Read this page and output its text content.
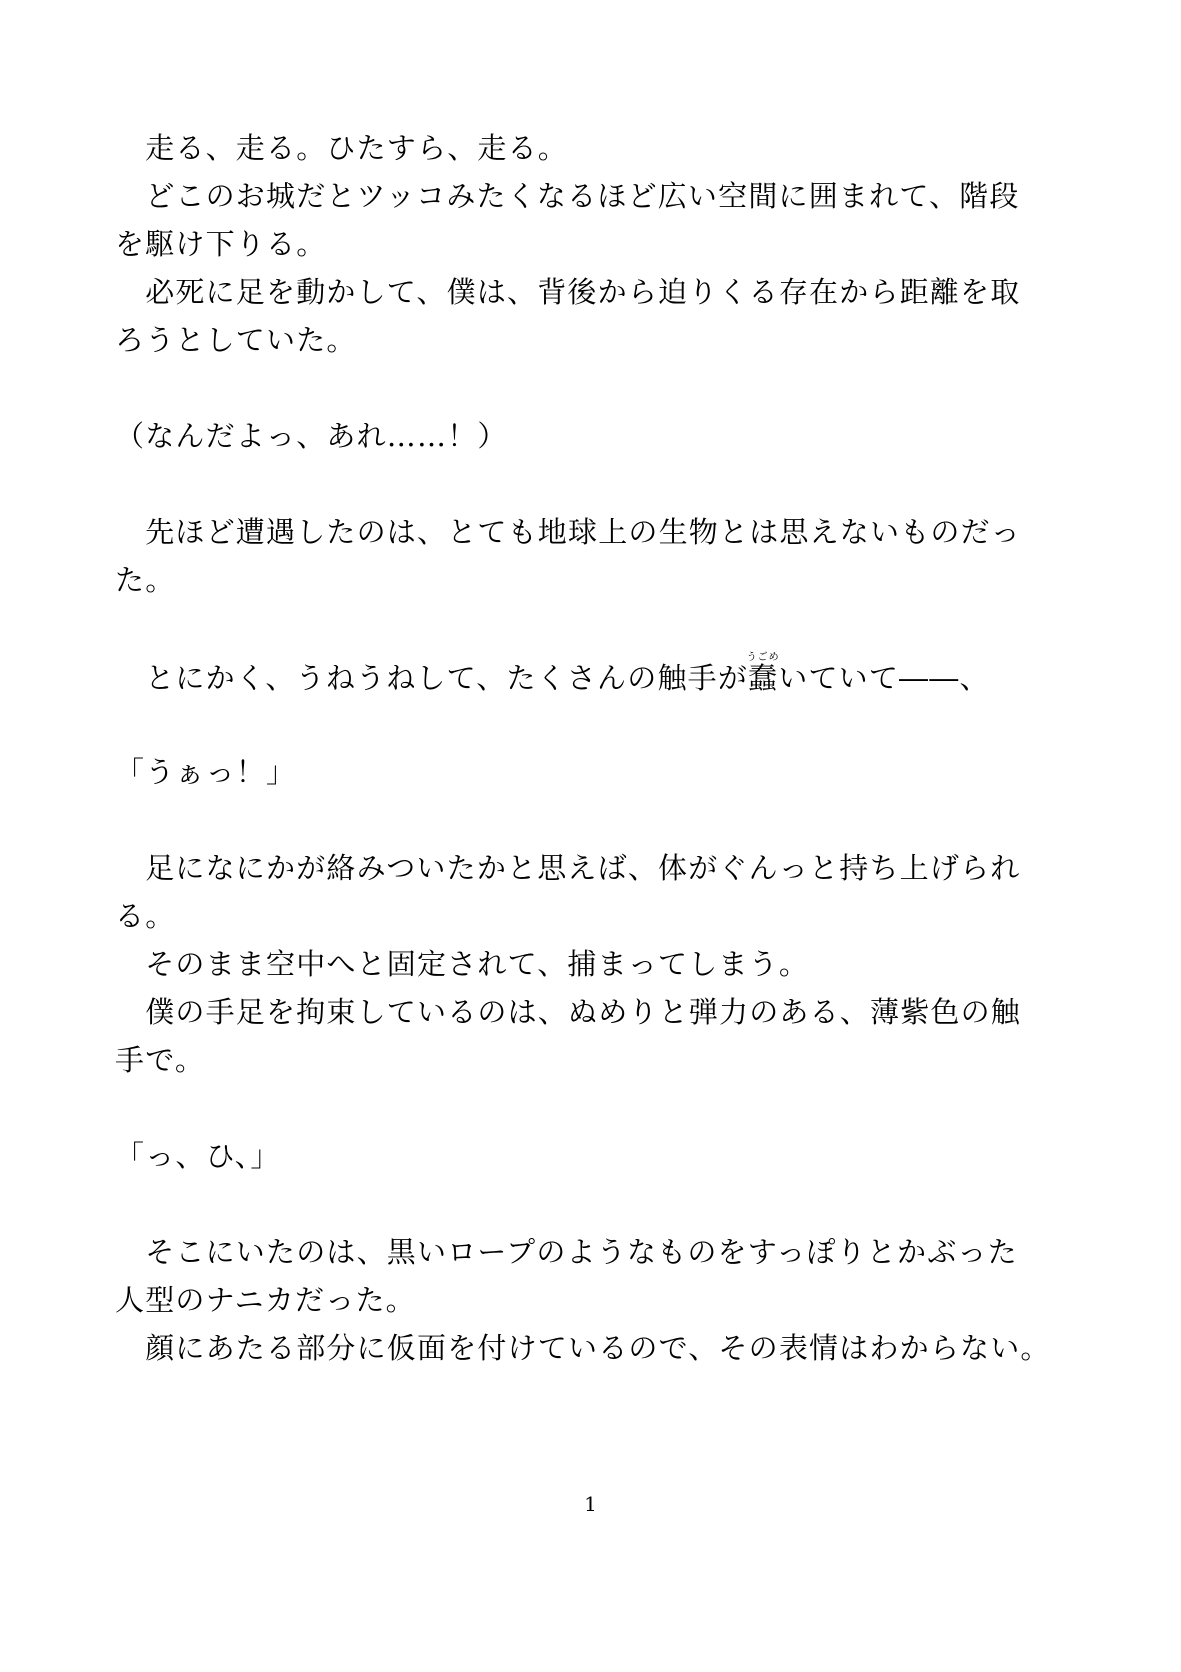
　走る、走る。ひたすら、走る。
　どこのお城だとツッコみたくなるほど広い空間に囲まれて、階段
を駆け下りる。
　必死に足を動かして、僕は、背後から迫りくる存在から距離を取
ろうとしていた。
（なんだよっ、あれ……！）
　先ほど遭遇したのは、とても地球上の生物とは思えないものだっ
た。
　とにかく、うねうねして、たくさんの触手が蠢うごめいていて――、
「うぁっ！」
　足になにかが絡みついたかと思えば、体がぐんっと持ち上げられ
る。
　そのまま空中へと固定されて、捕まってしまう。
　僕の手足を拘束しているのは、ぬめりと弾力のある、薄紫色の触
手で。
「っ、ひ、」
　そこにいたのは、黒いロープのようなものをすっぽりとかぶった
人型のナニカだった。
　顔にあたる部分に仮面を付けているので、その表情はわからない。
1
